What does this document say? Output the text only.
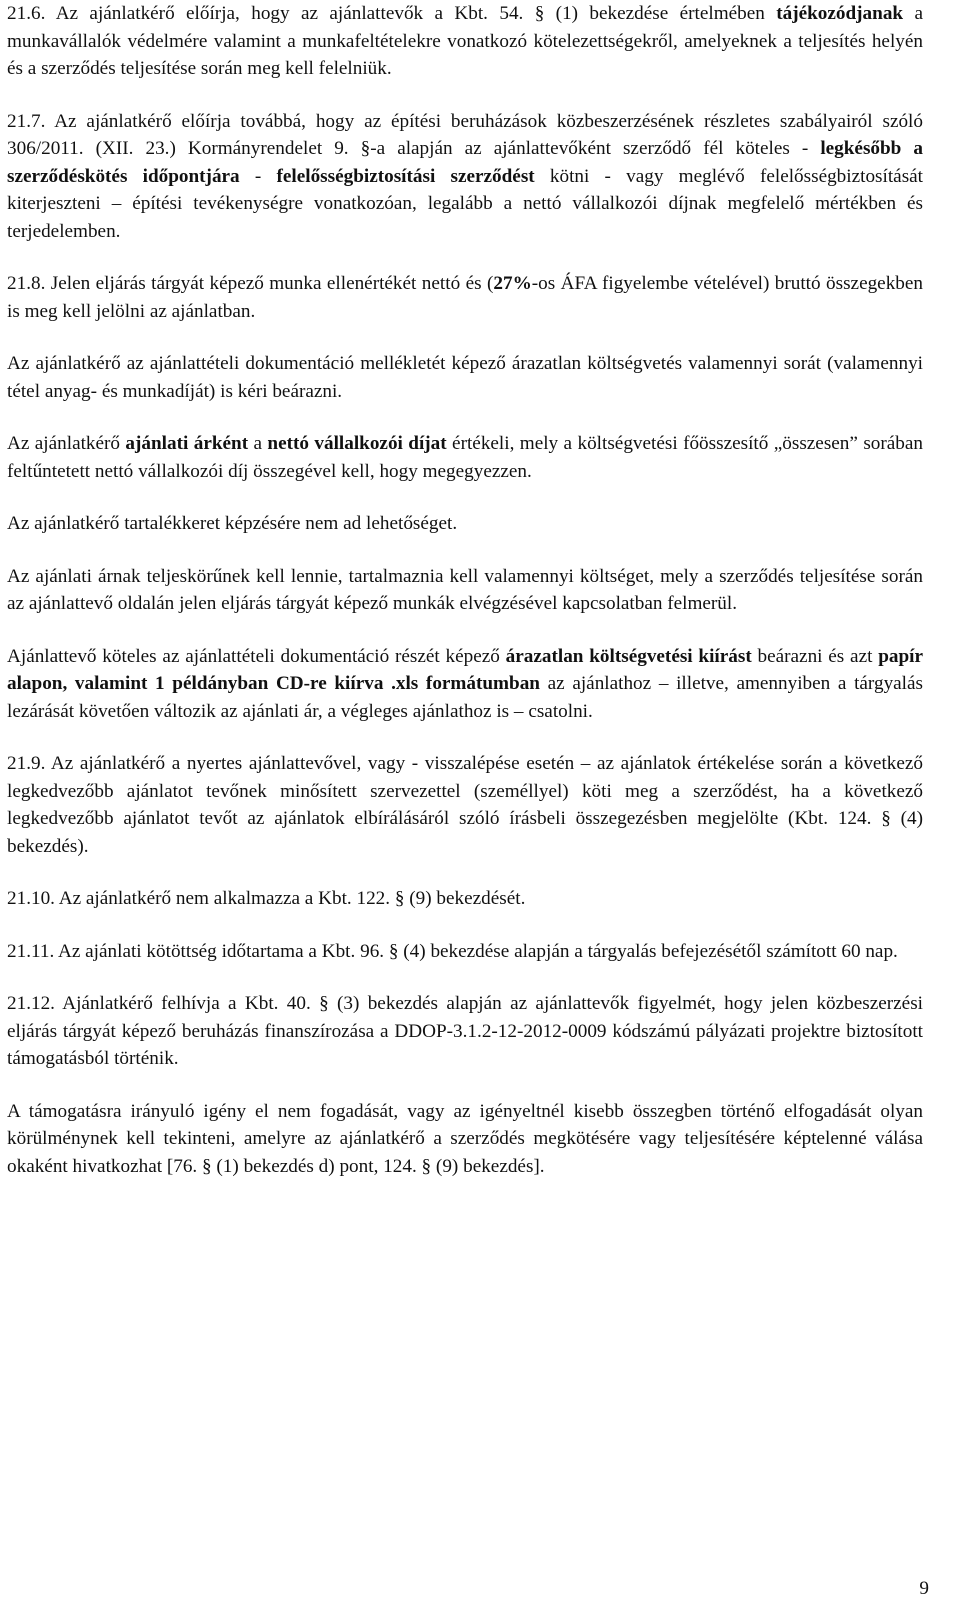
21.6. Az ajánlatkérő előírja, hogy az ajánlattevők a Kbt. 54. § (1) bekezdése értelmében tájékozódjanak a munkavállalók védelmére valamint a munkafeltételekre vonatkozó kötelezettségekről, amelyeknek a teljesítés helyén és a szerződés teljesítése során meg kell felelniük.

21.7. Az ajánlatkérő előírja továbbá, hogy az építési beruházások közbeszerzésének részletes szabályairól szóló 306/2011. (XII. 23.) Kormányrendelet 9. §-a alapján az ajánlattevőként szerződő fél köteles - legkésőbb a szerződéskötés időpontjára - felelősségbiztosítási szerződést kötni - vagy meglévő felelősségbiztosítását kiterjeszteni – építési tevékenységre vonatkozóan, legalább a nettó vállalkozói díjnak megfelelő mértékben és terjedelemben.

21.8. Jelen eljárás tárgyát képező munka ellenértékét nettó és (27%-os ÁFA figyelembe vételével) bruttó összegekben is meg kell jelölni az ajánlatban.

Az ajánlatkérő az ajánlattételi dokumentáció mellékletét képező árazatlan költségvetés valamennyi sorát (valamennyi tétel anyag- és munkadíját) is kéri beárazni.

Az ajánlatkérő ajánlati árként a nettó vállalkozói díjat értékeli, mely a költségvetési főösszesítő „összesen” sorában feltűntetett nettó vállalkozói díj összegével kell, hogy megegyezzen.

Az ajánlatkérő tartalékkeret képzésére nem ad lehetőséget.

Az ajánlati árnak teljeskörűnek kell lennie, tartalmaznia kell valamennyi költséget, mely a szerződés teljesítése során az ajánlattevő oldalán jelen eljárás tárgyát képező munkák elvégzésével kapcsolatban felmerül.

Ajánlattevő köteles az ajánlattételi dokumentáció részét képező árazatlan költségvetési kiírást beárazni és azt papír alapon, valamint 1 példányban CD-re kiírva .xls formátumban az ajánlathoz – illetve, amennyiben a tárgyalás lezárását követően változik az ajánlati ár, a végleges ajánlathoz is – csatolni.

21.9. Az ajánlatkérő a nyertes ajánlattevővel, vagy - visszalépése esetén – az ajánlatok értékelése során a következő legkedvezőbb ajánlatot tevőnek minősített szervezettel (személlyel) köti meg a szerződést, ha a következő legkedvezőbb ajánlatot tevőt az ajánlatok elbírálásáról szóló írásbeli összegezésben megjelölte (Kbt. 124. § (4) bekezdés).

21.10. Az ajánlatkérő nem alkalmazza a Kbt. 122. § (9) bekezdését.

21.11. Az ajánlati kötöttség időtartama a Kbt. 96. § (4) bekezdése alapján a tárgyalás befejezésétől számított 60 nap.

21.12. Ajánlatkérő felhívja a Kbt. 40. § (3) bekezdés alapján az ajánlattevők figyelmét, hogy jelen közbeszerzési eljárás tárgyát képező beruházás finanszírozása a DDOP-3.1.2-12-2012-0009 kódszámú pályázati projektre biztosított támogatásból történik.

A támogatásra irányuló igény el nem fogadását, vagy az igényeltnél kisebb összegben történő elfogadását olyan körülménynek kell tekinteni, amelyre az ajánlatkérő a szerződés megkötésére vagy teljesítésére képtelenné válása okaként hivatkozhat [76. § (1) bekezdés d) pont, 124. § (9) bekezdés].

9
